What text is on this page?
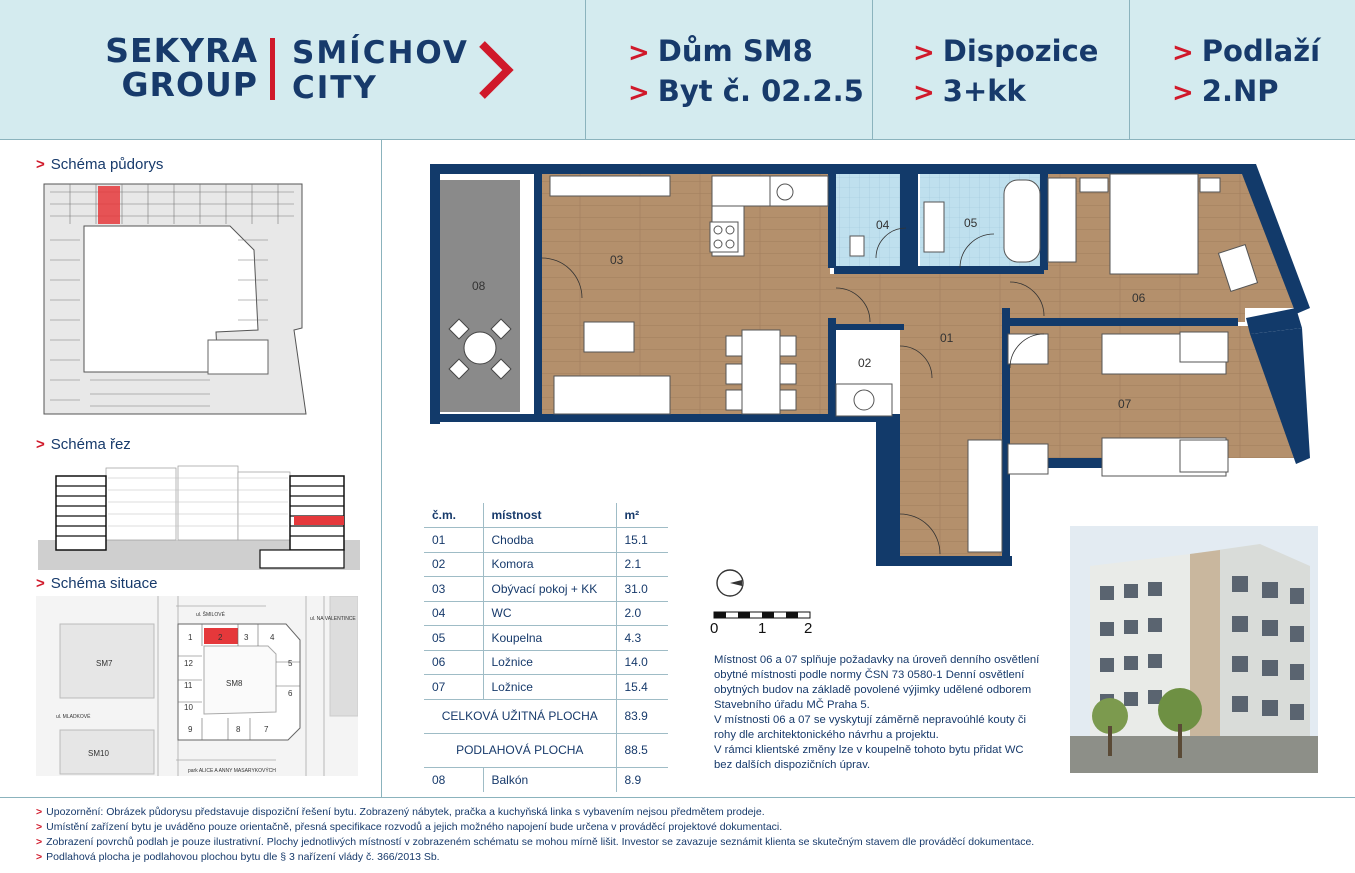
SEKYRA
GROUP
SMÍCHOV
CITY
> Dům SM8
> Byt č. 02.2.5
> Dispozice
> 3+kk
> Podlaží
> 2.NP
> Schéma půdorys
> Schéma řez
> Schéma situace
SM7
SM8
SM10
ul. ŠMILOVÉ
ul. NA VALENTINCE
ul. MLADKOVÉ
park ALICE A ANNY MASARYKOVÝCH
1	2	3	4
5
6
7
8
9
10
11
12
01
02
03
04	05
06
07
08
0	1	2
č.m.	místnost	m²
01	Chodba	15.1
02	Komora	2.1
03	Obývací pokoj + KK	31.0
04	WC	2.0
05	Koupelna	4.3
06	Ložnice	14.0
07	Ložnice	15.4
CELKOVÁ UŽITNÁ PLOCHA		83.9
PODLAHOVÁ PLOCHA		88.5
08	Balkón	8.9
Místnost 06 a 07 splňuje požadavky na úroveň denního osvětlení obytné místnosti podle normy ČSN 73 0580-1 Denní osvětlení obytných budov na základě povolené výjimky udělené odborem Stavebního úřadu MČ Praha 5.
V místnosti 06 a 07 se vyskytují záměrně nepravoúhlé kouty či rohy dle architektonického návrhu a projektu.
V rámci klientské změny lze v koupelně tohoto bytu přidat WC bez dalších dispozičních úprav.
> Upozornění: Obrázek půdorysu představuje dispoziční řešení bytu. Zobrazený nábytek, pračka a kuchyňská linka s vybavením nejsou předmětem prodeje.
> Umístění zařízení bytu je uváděno pouze orientačně, přesná specifikace rozvodů a jejich možného napojení bude určena v prováděcí projektové dokumentaci.
> Zobrazení povrchů podlah je pouze ilustrativní. Plochy jednotlivých místností v zobrazeném schématu se mohou mírně lišit. Investor se zavazuje seznámit klienta se skutečným stavem dle prováděcí dokumentace.
> Podlahová plocha je podlahovou plochou bytu dle § 3 nařízení vlády č. 366/2013 Sb.
